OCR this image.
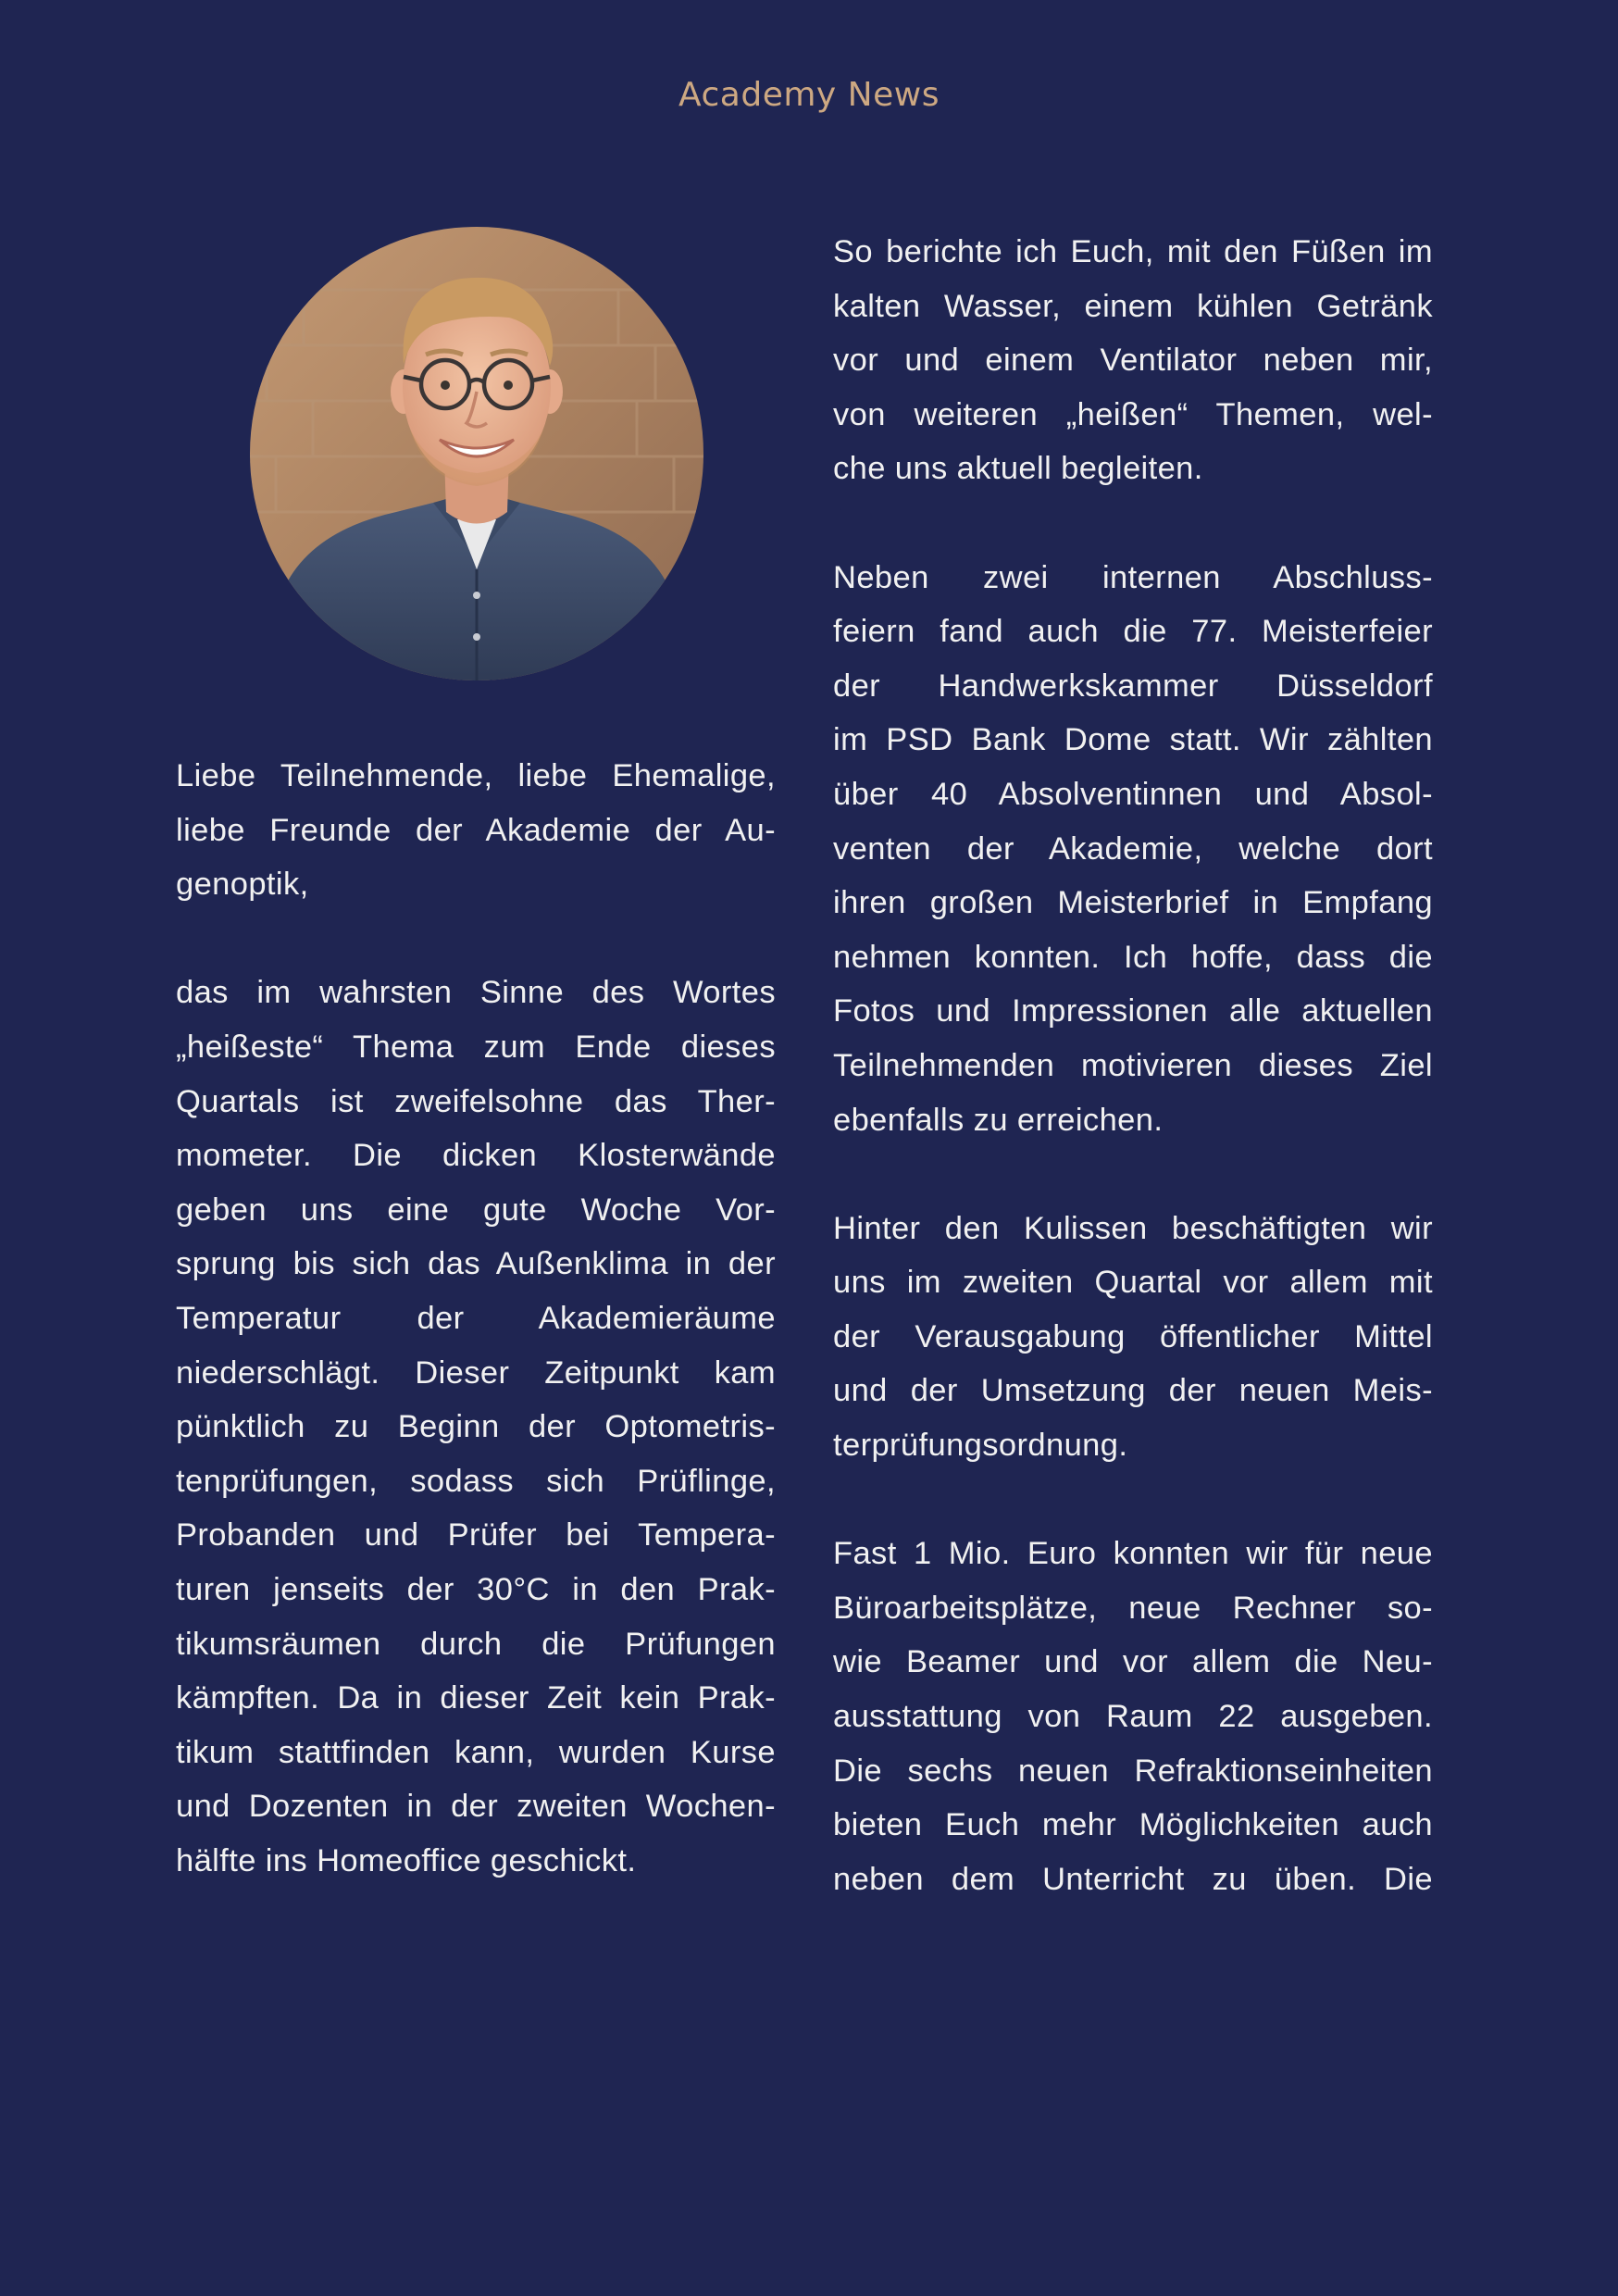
Academy News
Liebe Teilnehmende, liebe Ehemalige,
liebe Freunde der Akademie der Au-
genoptik,
das im wahrsten Sinne des Wortes
„heißeste“ Thema zum Ende dieses
Quartals ist zweifelsohne das Ther-
mometer. Die dicken Klosterwände
geben uns eine gute Woche Vor-
sprung bis sich das Außenklima in der
Temperatur der Akademieräume
niederschlägt. Dieser Zeitpunkt kam
pünktlich zu Beginn der Optometris-
tenprüfungen, sodass sich Prüflinge,
Probanden und Prüfer bei Tempera-
turen jenseits der 30°C in den Prak-
tikumsräumen durch die Prüfungen
kämpften. Da in dieser Zeit kein Prak-
tikum stattfinden kann, wurden Kurse
und Dozenten in der zweiten Wochen-
hälfte ins Homeoffice geschickt.
So berichte ich Euch, mit den Füßen im
kalten Wasser, einem kühlen Getränk
vor und einem Ventilator neben mir,
von weiteren „heißen“ Themen, wel-
che uns aktuell begleiten.
Neben zwei internen Abschluss-
feiern fand auch die 77. Meisterfeier
der Handwerkskammer Düsseldorf
im PSD Bank Dome statt. Wir zählten
über 40 Absolventinnen und Absol-
venten der Akademie, welche dort
ihren großen Meisterbrief in Empfang
nehmen konnten. Ich hoffe, dass die
Fotos und Impressionen alle aktuellen
Teilnehmenden motivieren dieses Ziel
ebenfalls zu erreichen.
Hinter den Kulissen beschäftigten wir
uns im zweiten Quartal vor allem mit
der Verausgabung öffentlicher Mittel
und der Umsetzung der neuen Meis-
terprüfungsordnung.
Fast 1 Mio. Euro konnten wir für neue
Büroarbeitsplätze, neue Rechner so-
wie Beamer und vor allem die Neu-
ausstattung von Raum 22 ausgeben.
Die sechs neuen Refraktionseinheiten
bieten Euch mehr Möglichkeiten auch
neben dem Unterricht zu üben. Die
